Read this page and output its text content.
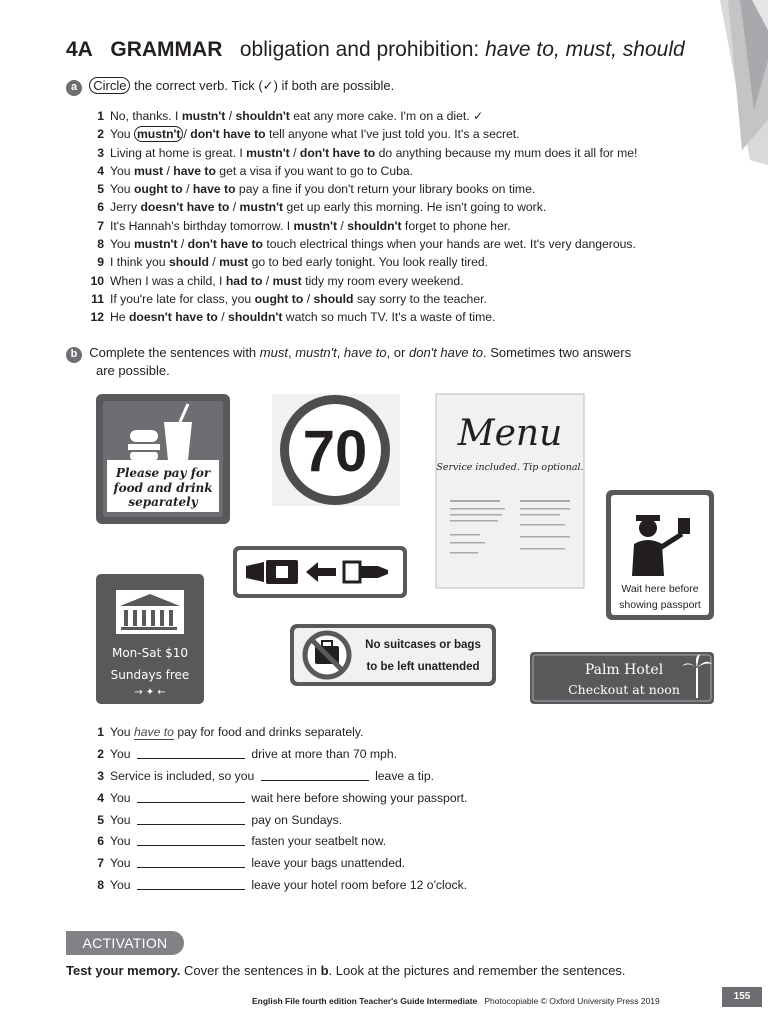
4A GRAMMAR obligation and prohibition: have to, must, should
a Circle the correct verb. Tick (✓) if both are possible.
1 No, thanks. I mustn't / shouldn't eat any more cake. I'm on a diet. ✓
2 You mustn't / don't have to tell anyone what I've just told you. It's a secret.
3 Living at home is great. I mustn't / don't have to do anything because my mum does it all for me!
4 You must / have to get a visa if you want to go to Cuba.
5 You ought to / have to pay a fine if you don't return your library books on time.
6 Jerry doesn't have to / mustn't get up early this morning. He isn't going to work.
7 It's Hannah's birthday tomorrow. I mustn't / shouldn't forget to phone her.
8 You mustn't / don't have to touch electrical things when your hands are wet. It's very dangerous.
9 I think you should / must go to bed early tonight. You look really tired.
10 When I was a child, I had to / must tidy my room every weekend.
11 If you're late for class, you ought to / should say sorry to the teacher.
12 He doesn't have to / shouldn't watch so much TV. It's a waste of time.
b Complete the sentences with must, mustn't, have to, or don't have to. Sometimes two answers
are possible.
Please pay for
food and drink
separately
70	Menu
Service included. Tip optional.
Wait here before
showing passport
Mon-Sat $10
Sundays free
→ ✦ ←
No suitcases or bags
to be left unattended	Palm Hotel
Checkout at noon
1 You have to pay for food and drinks separately.
2 You	drive at more than 70 mph.
3 Service is included, so you	leave a tip.
4 You	wait here before showing your passport.
5 You	pay on Sundays.
6 You	fasten your seatbelt now.
7 You	leave your bags unattended.
8 You	leave your hotel room before 12 o'clock.
ACTIVATION
Test your memory. Cover the sentences in b. Look at the pictures and remember the sentences.
English File fourth edition Teacher's Guide Intermediate Photocopiable © Oxford University Press 2019	155
